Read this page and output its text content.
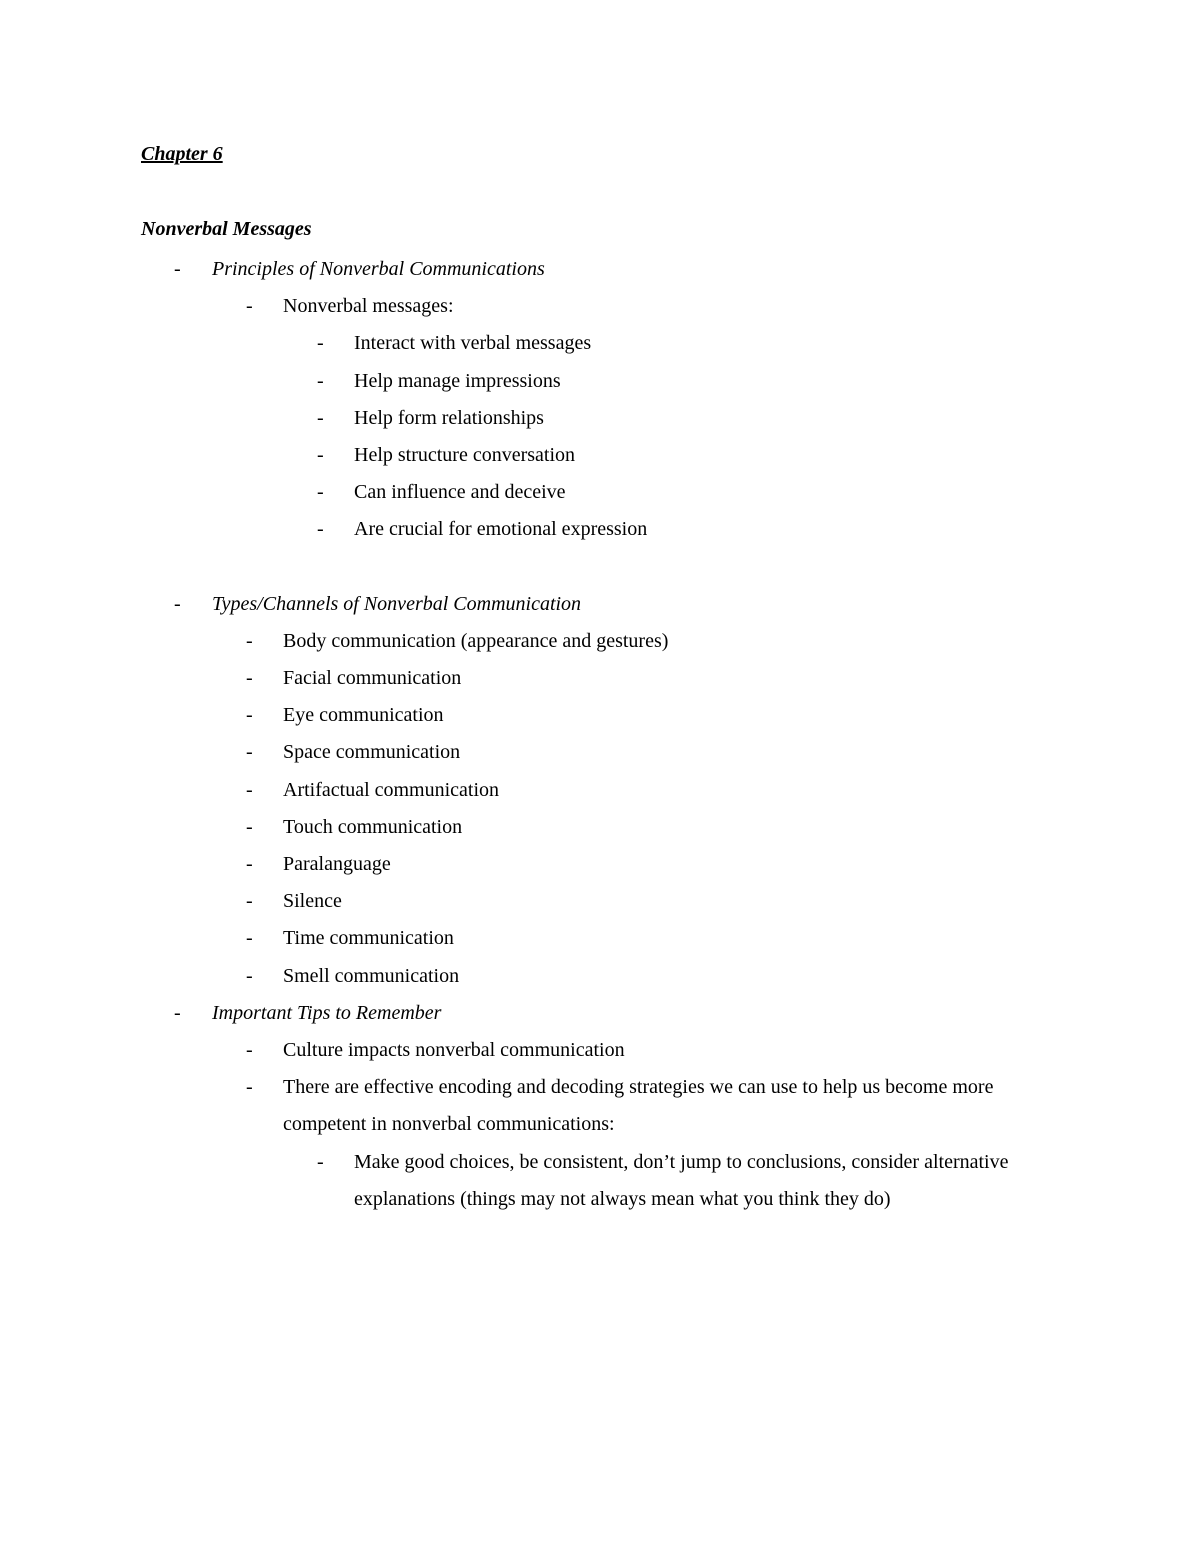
Chapter 6
Nonverbal Messages
- Principles of Nonverbal Communications
- Nonverbal messages:
- Interact with verbal messages
- Help manage impressions
- Help form relationships
- Help structure conversation
- Can influence and deceive
- Are crucial for emotional expression
- Types/Channels of Nonverbal Communication
- Body communication (appearance and gestures)
- Facial communication
- Eye communication
- Space communication
- Artifactual communication
- Touch communication
- Paralanguage
- Silence
- Time communication
- Smell communication
- Important Tips to Remember
- Culture impacts nonverbal communication
- There are effective encoding and decoding strategies we can use to help us become more
competent in nonverbal communications:
- Make good choices, be consistent, don’t jump to conclusions, consider alternative
explanations (things may not always mean what you think they do)
